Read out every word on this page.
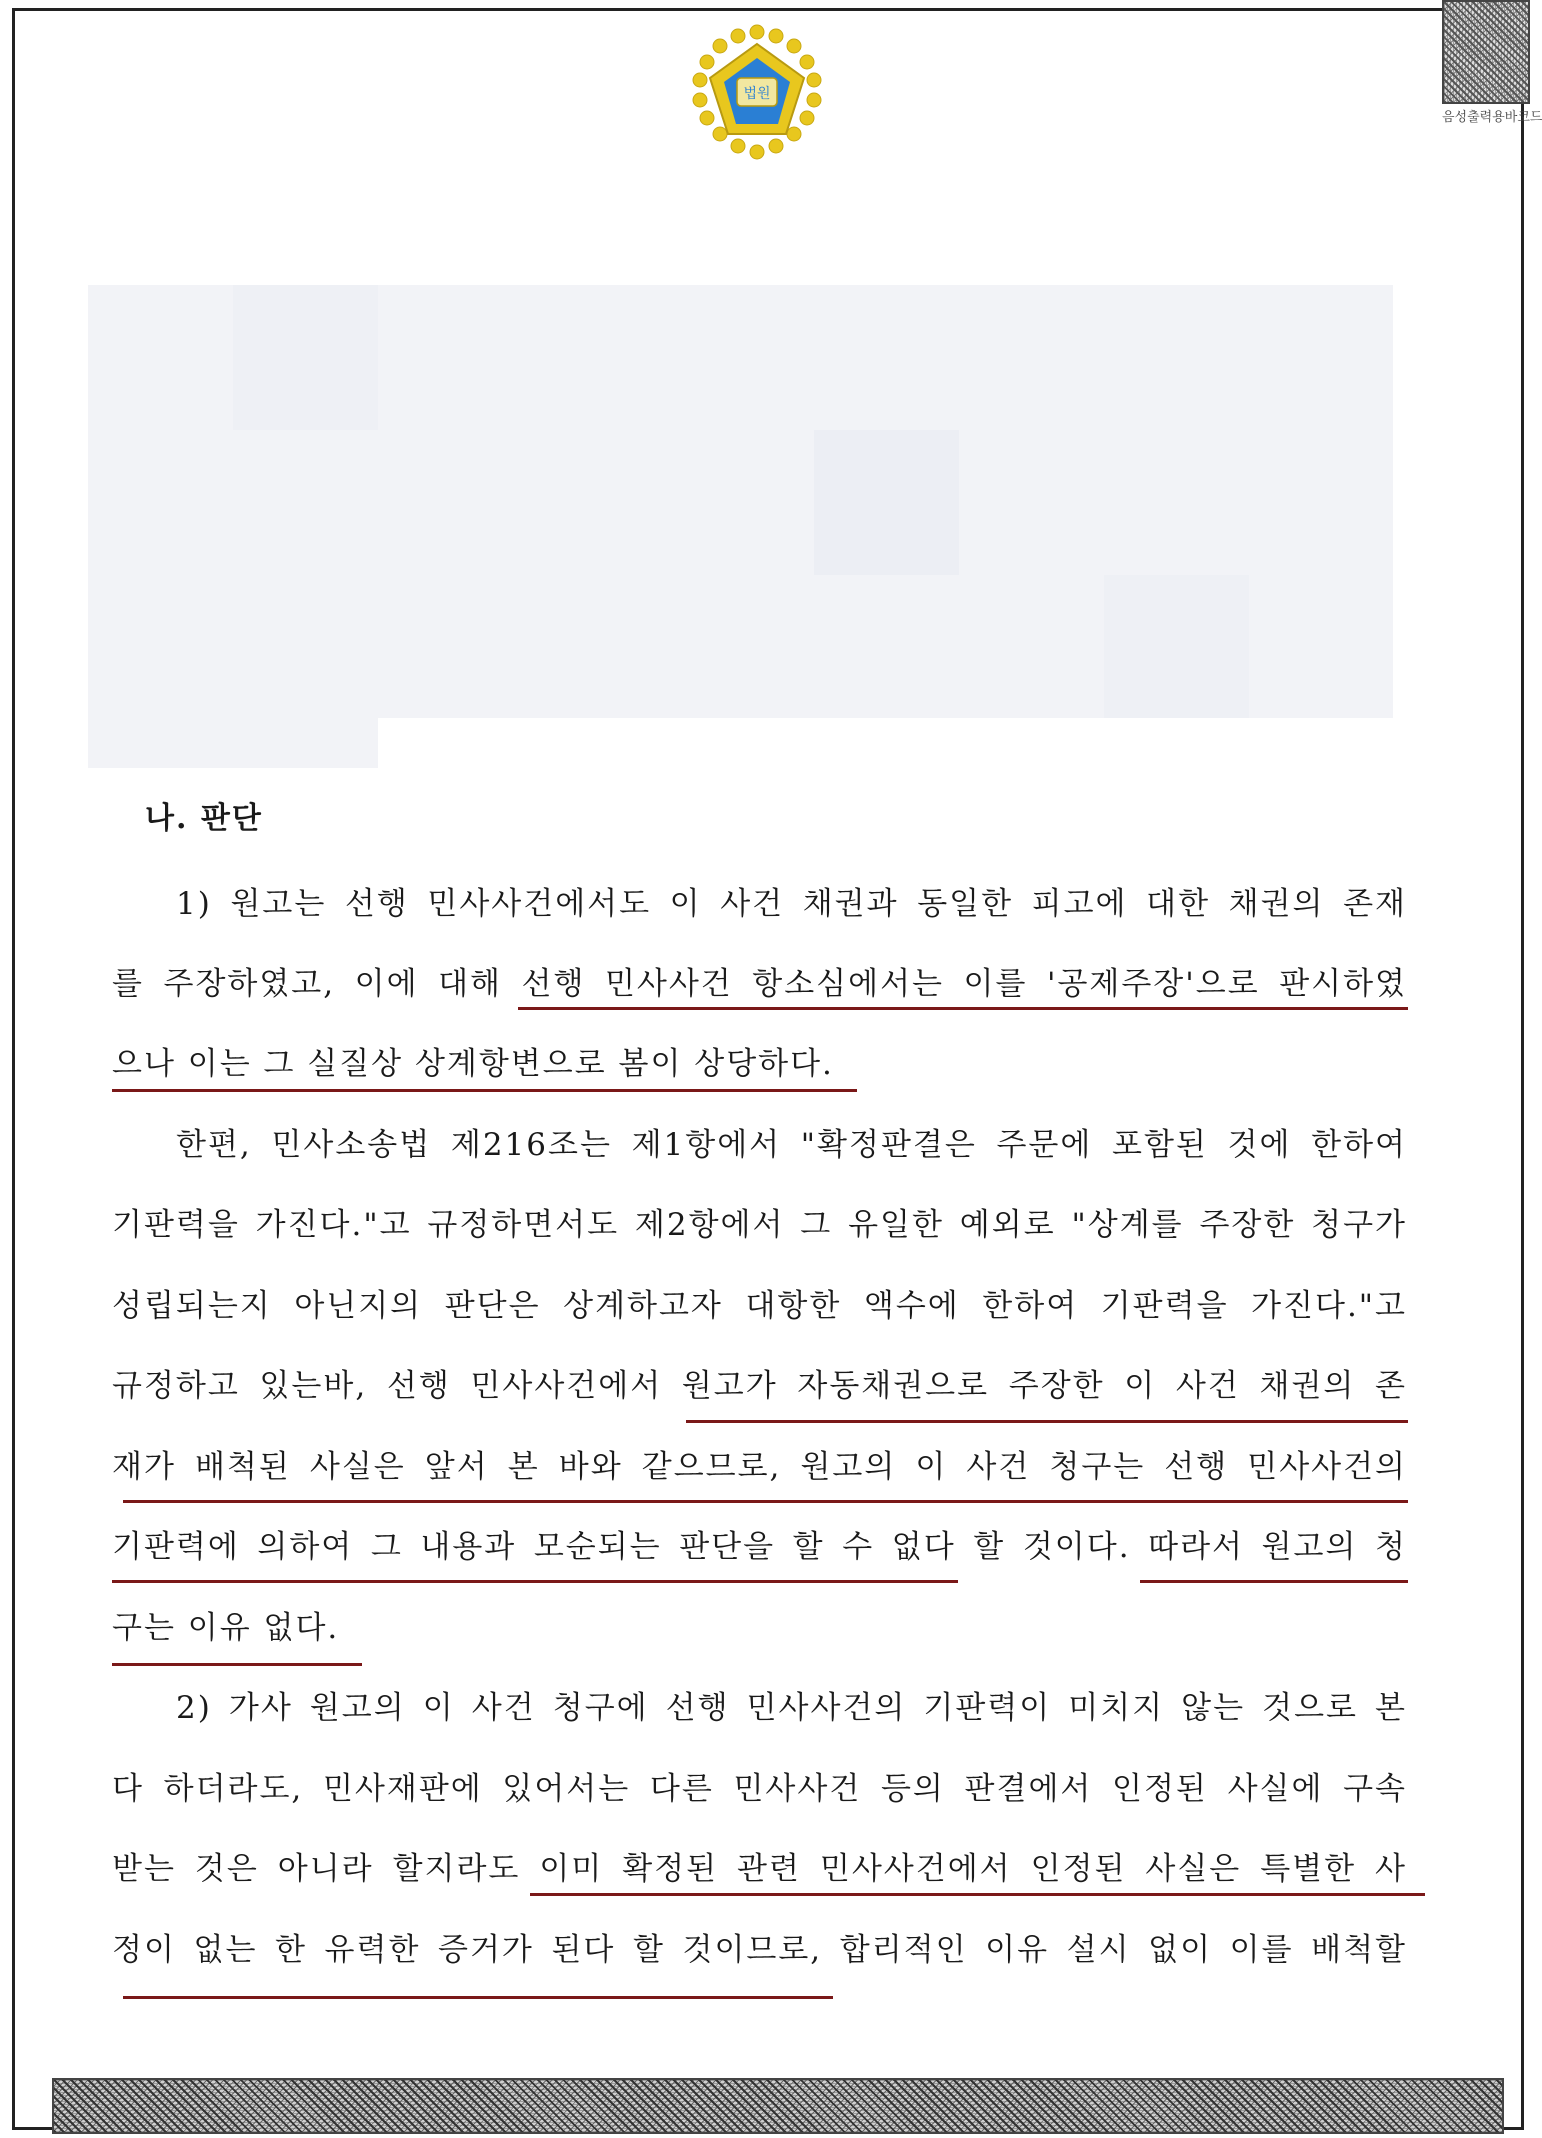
법원
음성출력용바코드
나. 판단
1) 원고는 선행 민사사건에서도 이 사건 채권과 동일한 피고에 대한 채권의 존재
를 주장하였고, 이에 대해 선행 민사사건 항소심에서는 이를 '공제주장'으로 판시하였
으나 이는 그 실질상 상계항변으로 봄이 상당하다.
한편, 민사소송법 제216조는 제1항에서 "확정판결은 주문에 포함된 것에 한하여
기판력을 가진다."고 규정하면서도 제2항에서 그 유일한 예외로 "상계를 주장한 청구가
성립되는지 아닌지의 판단은 상계하고자 대항한 액수에 한하여 기판력을 가진다."고
규정하고 있는바, 선행 민사사건에서 원고가 자동채권으로 주장한 이 사건 채권의 존
재가 배척된 사실은 앞서 본 바와 같으므로, 원고의 이 사건 청구는 선행 민사사건의
기판력에 의하여 그 내용과 모순되는 판단을 할 수 없다 할 것이다. 따라서 원고의 청
구는 이유 없다.
2) 가사 원고의 이 사건 청구에 선행 민사사건의 기판력이 미치지 않는 것으로 본
다 하더라도, 민사재판에 있어서는 다른 민사사건 등의 판결에서 인정된 사실에 구속
받는 것은 아니라 할지라도 이미 확정된 관련 민사사건에서 인정된 사실은 특별한 사
정이 없는 한 유력한 증거가 된다 할 것이므로, 합리적인 이유 설시 없이 이를 배척할
